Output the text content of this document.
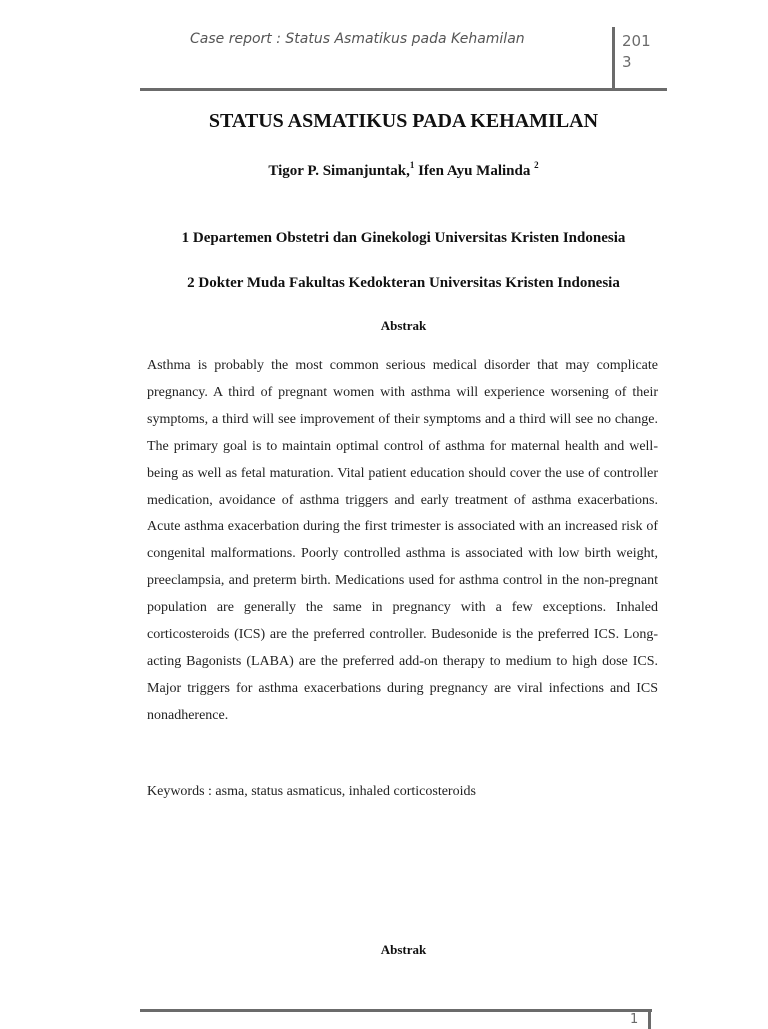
Case report : Status Asmatikus pada Kehamilan	2013
STATUS ASMATIKUS PADA KEHAMILAN
Tigor P. Simanjuntak,$^1$ Ifen Ayu Malinda $^2$
1 Departemen Obstetri dan Ginekologi Universitas Kristen Indonesia
2 Dokter Muda Fakultas Kedokteran Universitas Kristen Indonesia
Abstrak
Asthma is probably the most common serious medical disorder that may complicate pregnancy. A third of pregnant women with asthma will experience worsening of their symptoms, a third will see improvement of their symptoms and a third will see no change. The primary goal is to maintain optimal control of asthma for maternal health and well-being as well as fetal maturation. Vital patient education should cover the use of controller medication, avoidance of asthma triggers and early treatment of asthma exacerbations. Acute asthma exacerbation during the first trimester is associated with an increased risk of congenital malformations. Poorly controlled asthma is associated with low birth weight, preeclampsia, and preterm birth. Medications used for asthma control in the non-pregnant population are generally the same in pregnancy with a few exceptions. Inhaled corticosteroids (ICS) are the preferred controller. Budesonide is the preferred ICS. Long-acting Bagonists (LABA) are the preferred add-on therapy to medium to high dose ICS. Major triggers for asthma exacerbations during pregnancy are viral infections and ICS nonadherence.
Keywords : asma, status asmaticus, inhaled corticosteroids
Abstrak
1
